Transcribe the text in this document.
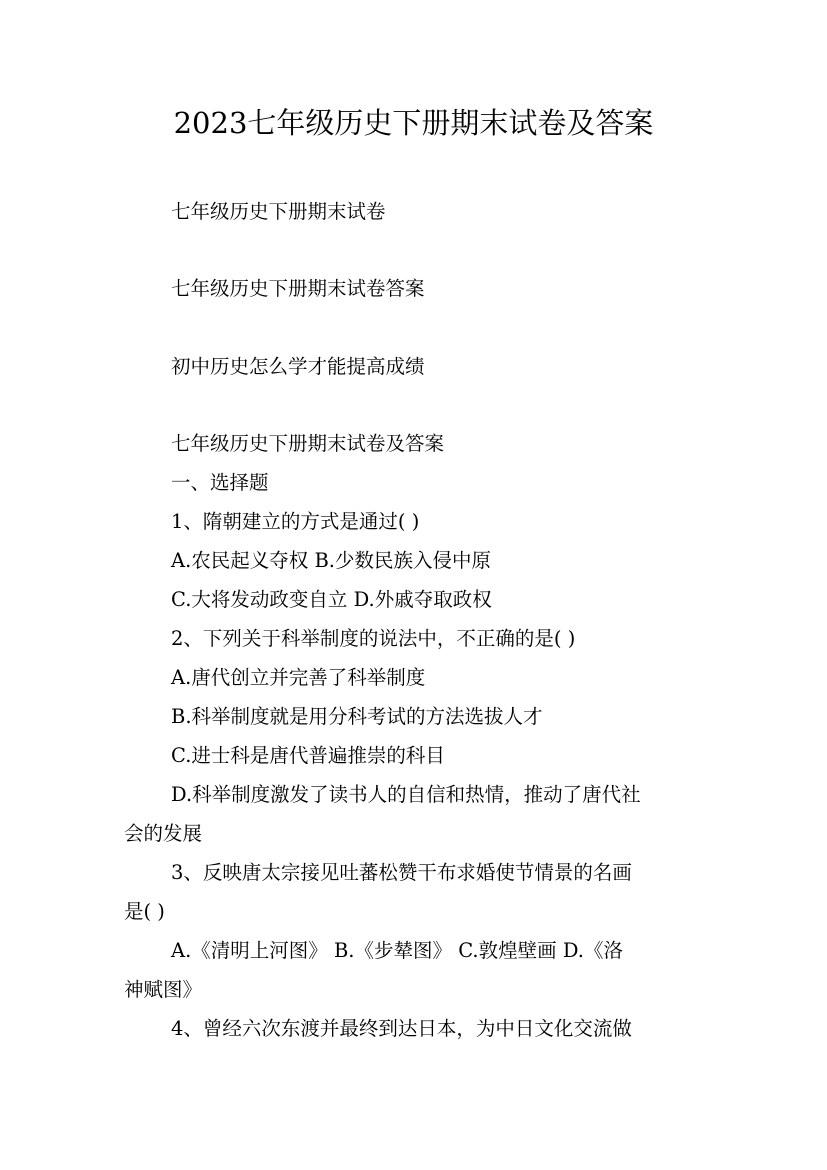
2023七年级历史下册期末试卷及答案
七年级历史下册期末试卷
七年级历史下册期末试卷答案
初中历史怎么学才能提高成绩
七年级历史下册期末试卷及答案
一、选择题
1、隋朝建立的方式是通过( )
A.农民起义夺权 B.少数民族入侵中原
C.大将发动政变自立 D.外戚夺取政权
2、下列关于科举制度的说法中，不正确的是( )
A.唐代创立并完善了科举制度
B.科举制度就是用分科考试的方法选拔人才
C.进士科是唐代普遍推崇的科目
D.科举制度激发了读书人的自信和热情，推动了唐代社
会的发展
3、反映唐太宗接见吐蕃松赞干布求婚使节情景的名画
是( )
A.《清明上河图》 B.《步辇图》 C.敦煌壁画 D.《洛
神赋图》
4、曾经六次东渡并最终到达日本，为中日文化交流做
